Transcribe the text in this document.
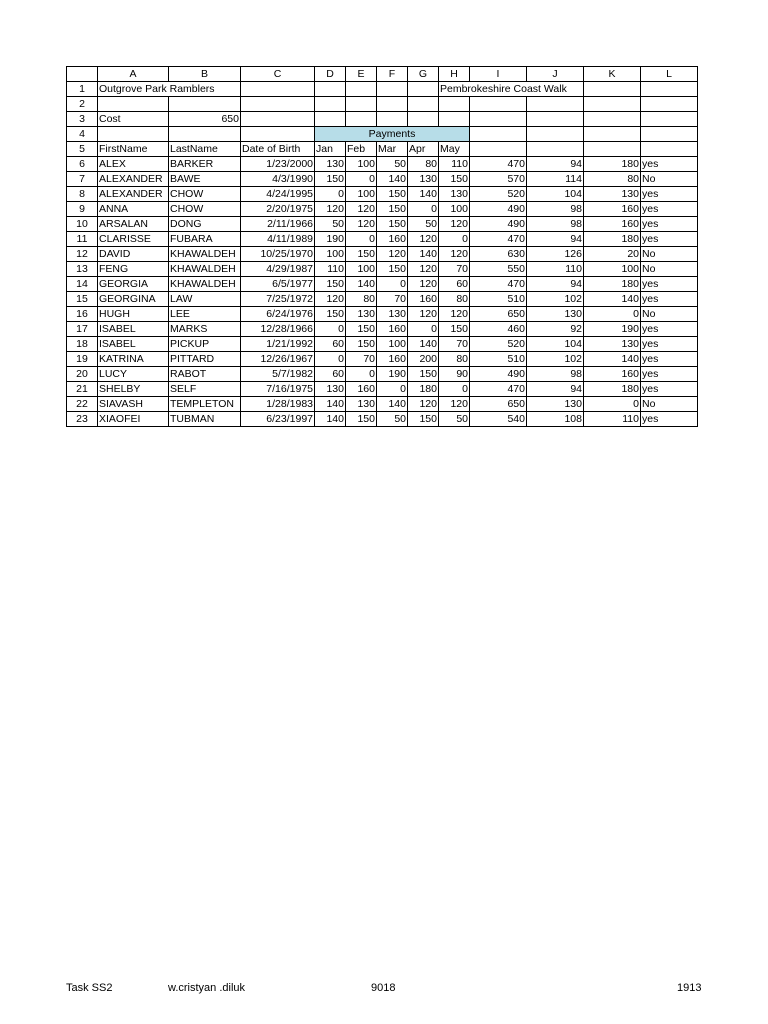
	A	B	C	D	E	F	G	H	I	J	K	L
1	Outgrove Park Ramblers							Pembrokeshire Coast Walk				
2												
3	Cost	650										
4				Payments								
5	FirstName	LastName	Date of Birth	Jan	Feb	Mar	Apr	May				
6	ALEX	BARKER	1/23/2000	130	100	50	80	110	470	94	180	yes
7	ALEXANDER	BAWE	4/3/1990	150	0	140	130	150	570	114	80	No
8	ALEXANDER	CHOW	4/24/1995	0	100	150	140	130	520	104	130	yes
9	ANNA	CHOW	2/20/1975	120	120	150	0	100	490	98	160	yes
10	ARSALAN	DONG	2/11/1966	50	120	150	50	120	490	98	160	yes
11	CLARISSE	FUBARA	4/11/1989	190	0	160	120	0	470	94	180	yes
12	DAVID	KHAWALDEH	10/25/1970	100	150	120	140	120	630	126	20	No
13	FENG	KHAWALDEH	4/29/1987	110	100	150	120	70	550	110	100	No
14	GEORGIA	KHAWALDEH	6/5/1977	150	140	0	120	60	470	94	180	yes
15	GEORGINA	LAW	7/25/1972	120	80	70	160	80	510	102	140	yes
16	HUGH	LEE	6/24/1976	150	130	130	120	120	650	130	0	No
17	ISABEL	MARKS	12/28/1966	0	150	160	0	150	460	92	190	yes
18	ISABEL	PICKUP	1/21/1992	60	150	100	140	70	520	104	130	yes
19	KATRINA	PITTARD	12/26/1967	0	70	160	200	80	510	102	140	yes
20	LUCY	RABOT	5/7/1982	60	0	190	150	90	490	98	160	yes
21	SHELBY	SELF	7/16/1975	130	160	0	180	0	470	94	180	yes
22	SIAVASH	TEMPLETON	1/28/1983	140	130	140	120	120	650	130	0	No
23	XIAOFEI	TUBMAN	6/23/1997	140	150	50	150	50	540	108	110	yes
Task SS2	w.cristyan .diluk	9018	1913
